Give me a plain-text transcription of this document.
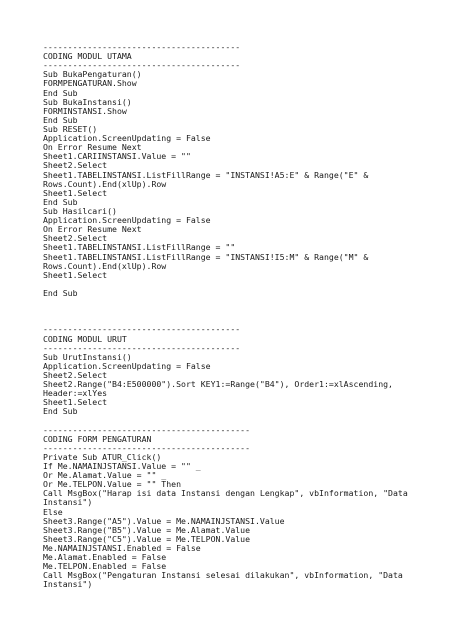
----------------------------------------
CODING MODUL UTAMA
----------------------------------------
Sub BukaPengaturan()
FORMPENGATURAN.Show
End Sub
Sub BukaInstansi()
FORMINSTANSI.Show
End Sub
Sub RESET()
Application.ScreenUpdating = False
On Error Resume Next
Sheet1.CARIINSTANSI.Value = ""
Sheet2.Select
Sheet1.TABELINSTANSI.ListFillRange = "INSTANSI!A5:E" & Range("E" &
Rows.Count).End(xlUp).Row
Sheet1.Select
End Sub
Sub Hasilcari()
Application.ScreenUpdating = False
On Error Resume Next
Sheet2.Select
Sheet1.TABELINSTANSI.ListFillRange = ""
Sheet1.TABELINSTANSI.ListFillRange = "INSTANSI!I5:M" & Range("M" &
Rows.Count).End(xlUp).Row
Sheet1.Select
End Sub
----------------------------------------
CODING MODUL URUT
----------------------------------------
Sub UrutInstansi()
Application.ScreenUpdating = False
Sheet2.Select
Sheet2.Range("B4:E500000").Sort KEY1:=Range("B4"), Order1:=xlAscending,
Header:=xlYes
Sheet1.Select
End Sub
------------------------------------------
CODING FORM PENGATURAN
------------------------------------------
Private Sub ATUR_Click()
If Me.NAMAINJSTANSI.Value = "" _
Or Me.Alamat.Value = "" _
Or Me.TELPON.Value = "" Then
Call MsgBox("Harap isi data Instansi dengan Lengkap", vbInformation, "Data
Instansi")
Else
Sheet3.Range("A5").Value = Me.NAMAINJSTANSI.Value
Sheet3.Range("B5").Value = Me.Alamat.Value
Sheet3.Range("C5").Value = Me.TELPON.Value
Me.NAMAINJSTANSI.Enabled = False
Me.Alamat.Enabled = False
Me.TELPON.Enabled = False
Call MsgBox("Pengaturan Instansi selesai dilakukan", vbInformation, "Data
Instansi")
